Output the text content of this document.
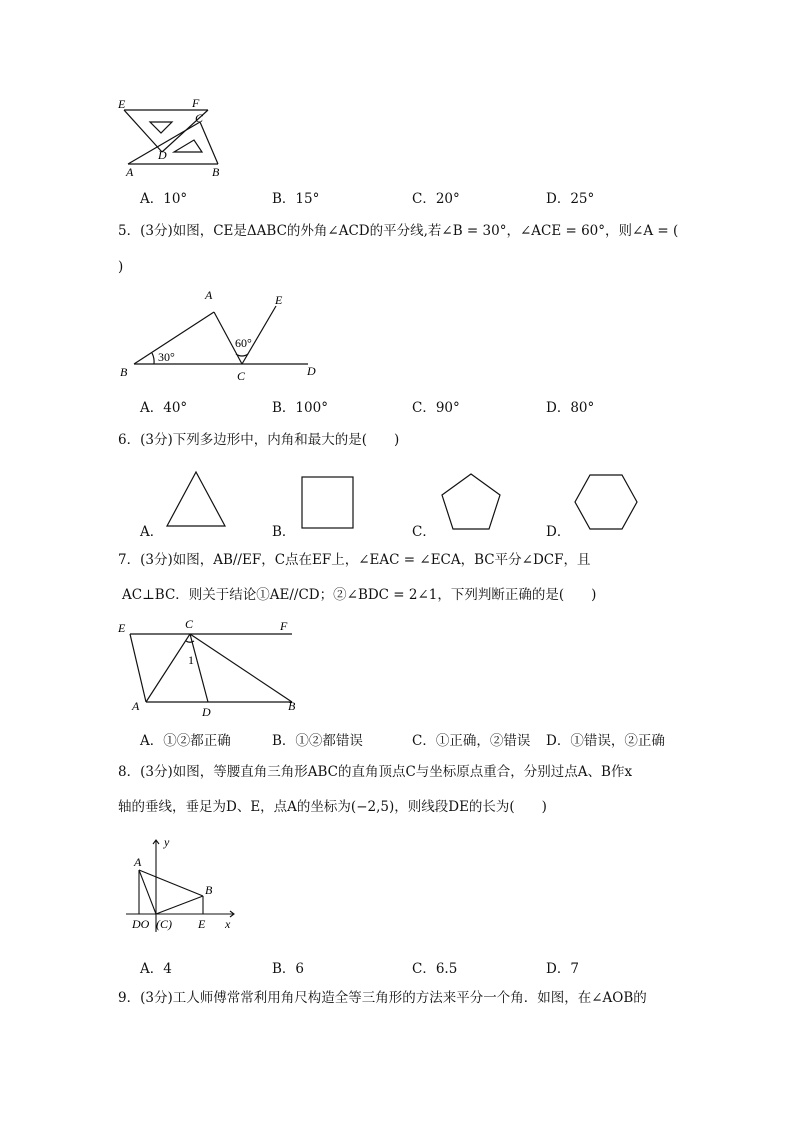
E	F
C
D
A	B
A．10°	B．15°	C．20°	D．25°
5．(3分)如图，CE是ΔABC的外角∠ACD的平分线,若∠B = 30°，∠ACE = 60°，则∠A = (
)
A	E
B	C	D
30°
60°
A．40°	B．100°	C．90°	D．80°
6．(3分)下列多边形中，内角和最大的是(　　)
A．	B．	C．	D．
7．(3分)如图，AB//EF，C点在EF上，∠EAC = ∠ECA，BC平分∠DCF，且
AC⊥BC．则关于结论①AE//CD；②∠BDC = 2∠1，下列判断正确的是(　　)
E	C	F
1
A	D	B
A．①②都正确	B．①②都错误	C．①正确，②错误 D．①错误，②正确
8．(3分)如图，等腰直角三角形ABC的直角顶点C与坐标原点重合，分别过点A、B作x
轴的垂线，垂足为D、E，点A的坐标为(−2,5)，则线段DE的长为(　　)
y
A
B
DO (C) E x
A．4	B．6	C．6.5	D．7
9．(3分)工人师傅常常利用角尺构造全等三角形的方法来平分一个角．如图，在∠AOB的
